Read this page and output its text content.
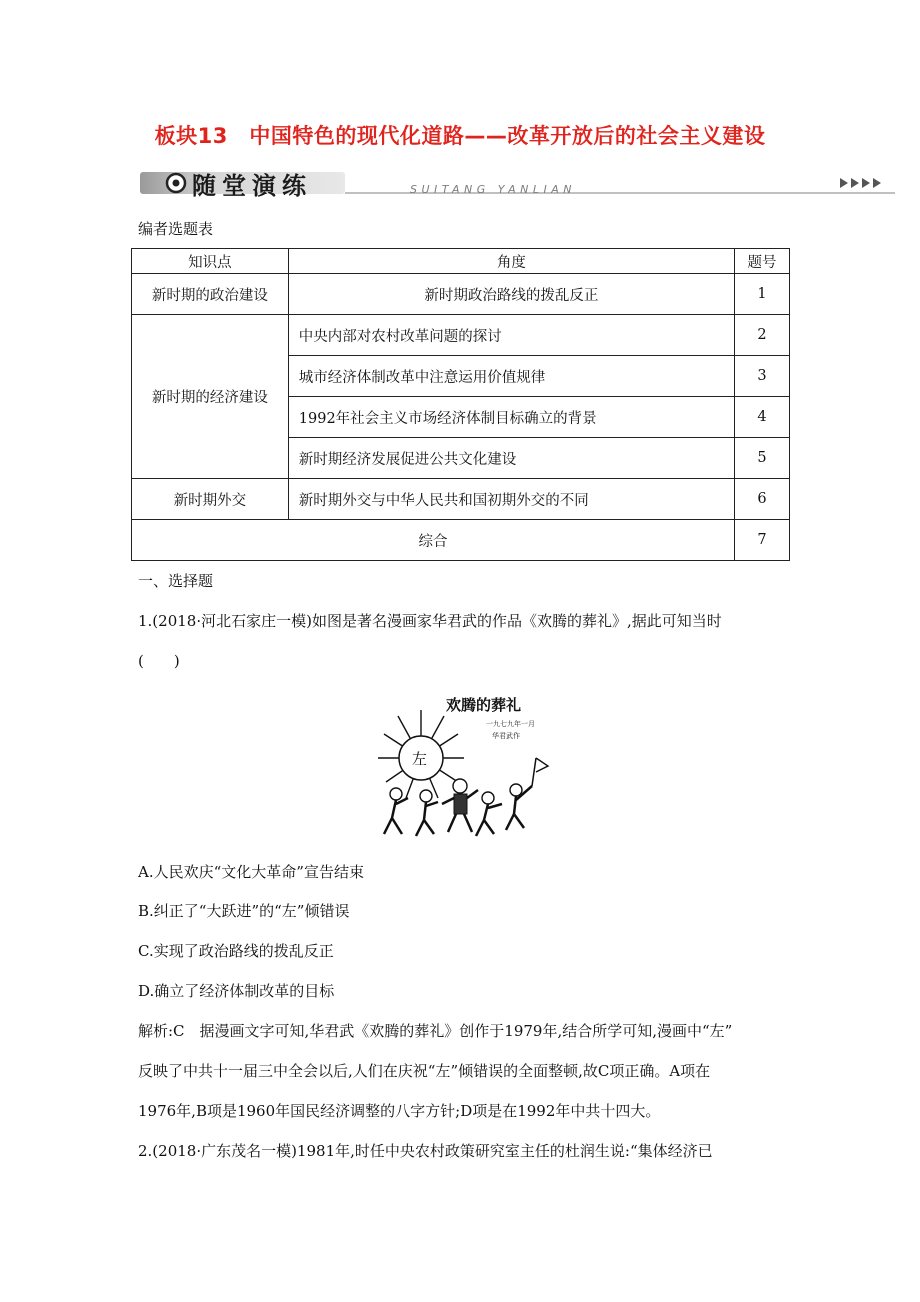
板块13　中国特色的现代化道路——改革开放后的社会主义建设
随堂演练	SUITANG YANLIAN
编者选题表
知识点	角度	题号
新时期的政治建设	新时期政治路线的拨乱反正	1
新时期的经济建设	中央内部对农村改革问题的探讨	2
	城市经济体制改革中注意运用价值规律	3
	1992年社会主义市场经济体制目标确立的背景	4
	新时期经济发展促进公共文化建设	5
新时期外交	新时期外交与中华人民共和国初期外交的不同	6
综合		7
一、选择题
1.(2018·河北石家庄一模)如图是著名漫画家华君武的作品《欢腾的葬礼》,据此可知当时
(　　)
欢腾的葬礼
一九七九年一月
华君武作
左
A.人民欢庆“文化大革命”宣告结束
B.纠正了“大跃进”的“左”倾错误
C.实现了政治路线的拨乱反正
D.确立了经济体制改革的目标
解析:C　据漫画文字可知,华君武《欢腾的葬礼》创作于1979年,结合所学可知,漫画中“左”
反映了中共十一届三中全会以后,人们在庆祝“左”倾错误的全面整顿,故C项正确。A项在
1976年,B项是1960年国民经济调整的八字方针;D项是在1992年中共十四大。
2.(2018·广东茂名一模)1981年,时任中央农村政策研究室主任的杜润生说:“集体经济已
